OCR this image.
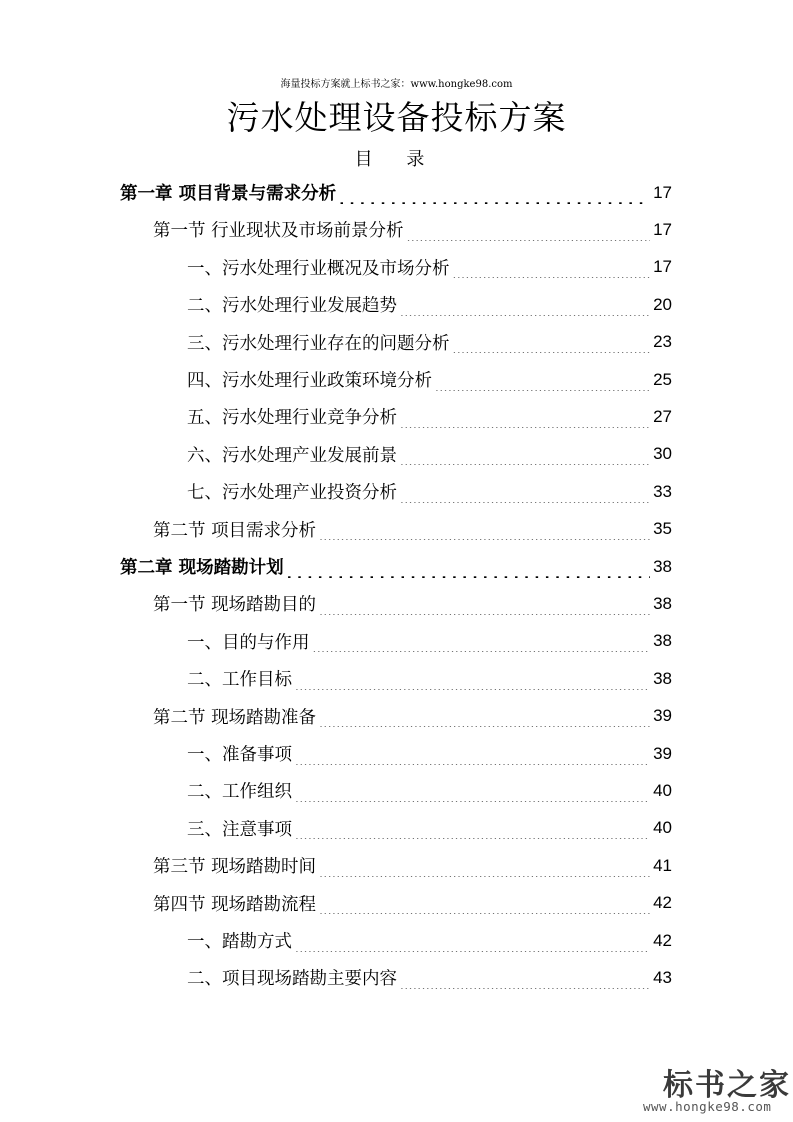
海量投标方案就上标书之家：www.hongke98.com
污水处理设备投标方案
目 录
第一章 项目背景与需求分析 .....	17
第一节 行业现状及市场前景分析 .....	17
一、污水处理行业概况及市场分析 .....	17
二、污水处理行业发展趋势 .....	20
三、污水处理行业存在的问题分析 .....	23
四、污水处理行业政策环境分析 .....	25
五、污水处理行业竞争分析 .....	27
六、污水处理产业发展前景 .....	30
七、污水处理产业投资分析 .....	33
第二节 项目需求分析 .....	35
第二章 现场踏勘计划 .....	38
第一节 现场踏勘目的 .....	38
一、目的与作用 .....	38
二、工作目标 .....	38
第二节 现场踏勘准备 .....	39
一、准备事项 .....	39
二、工作组织 .....	40
三、注意事项 .....	40
第三节 现场踏勘时间 .....	41
第四节 现场踏勘流程 .....	42
一、踏勘方式 .....	42
二、项目现场踏勘主要内容 .....	43
标书之家
www.hongke98.com
